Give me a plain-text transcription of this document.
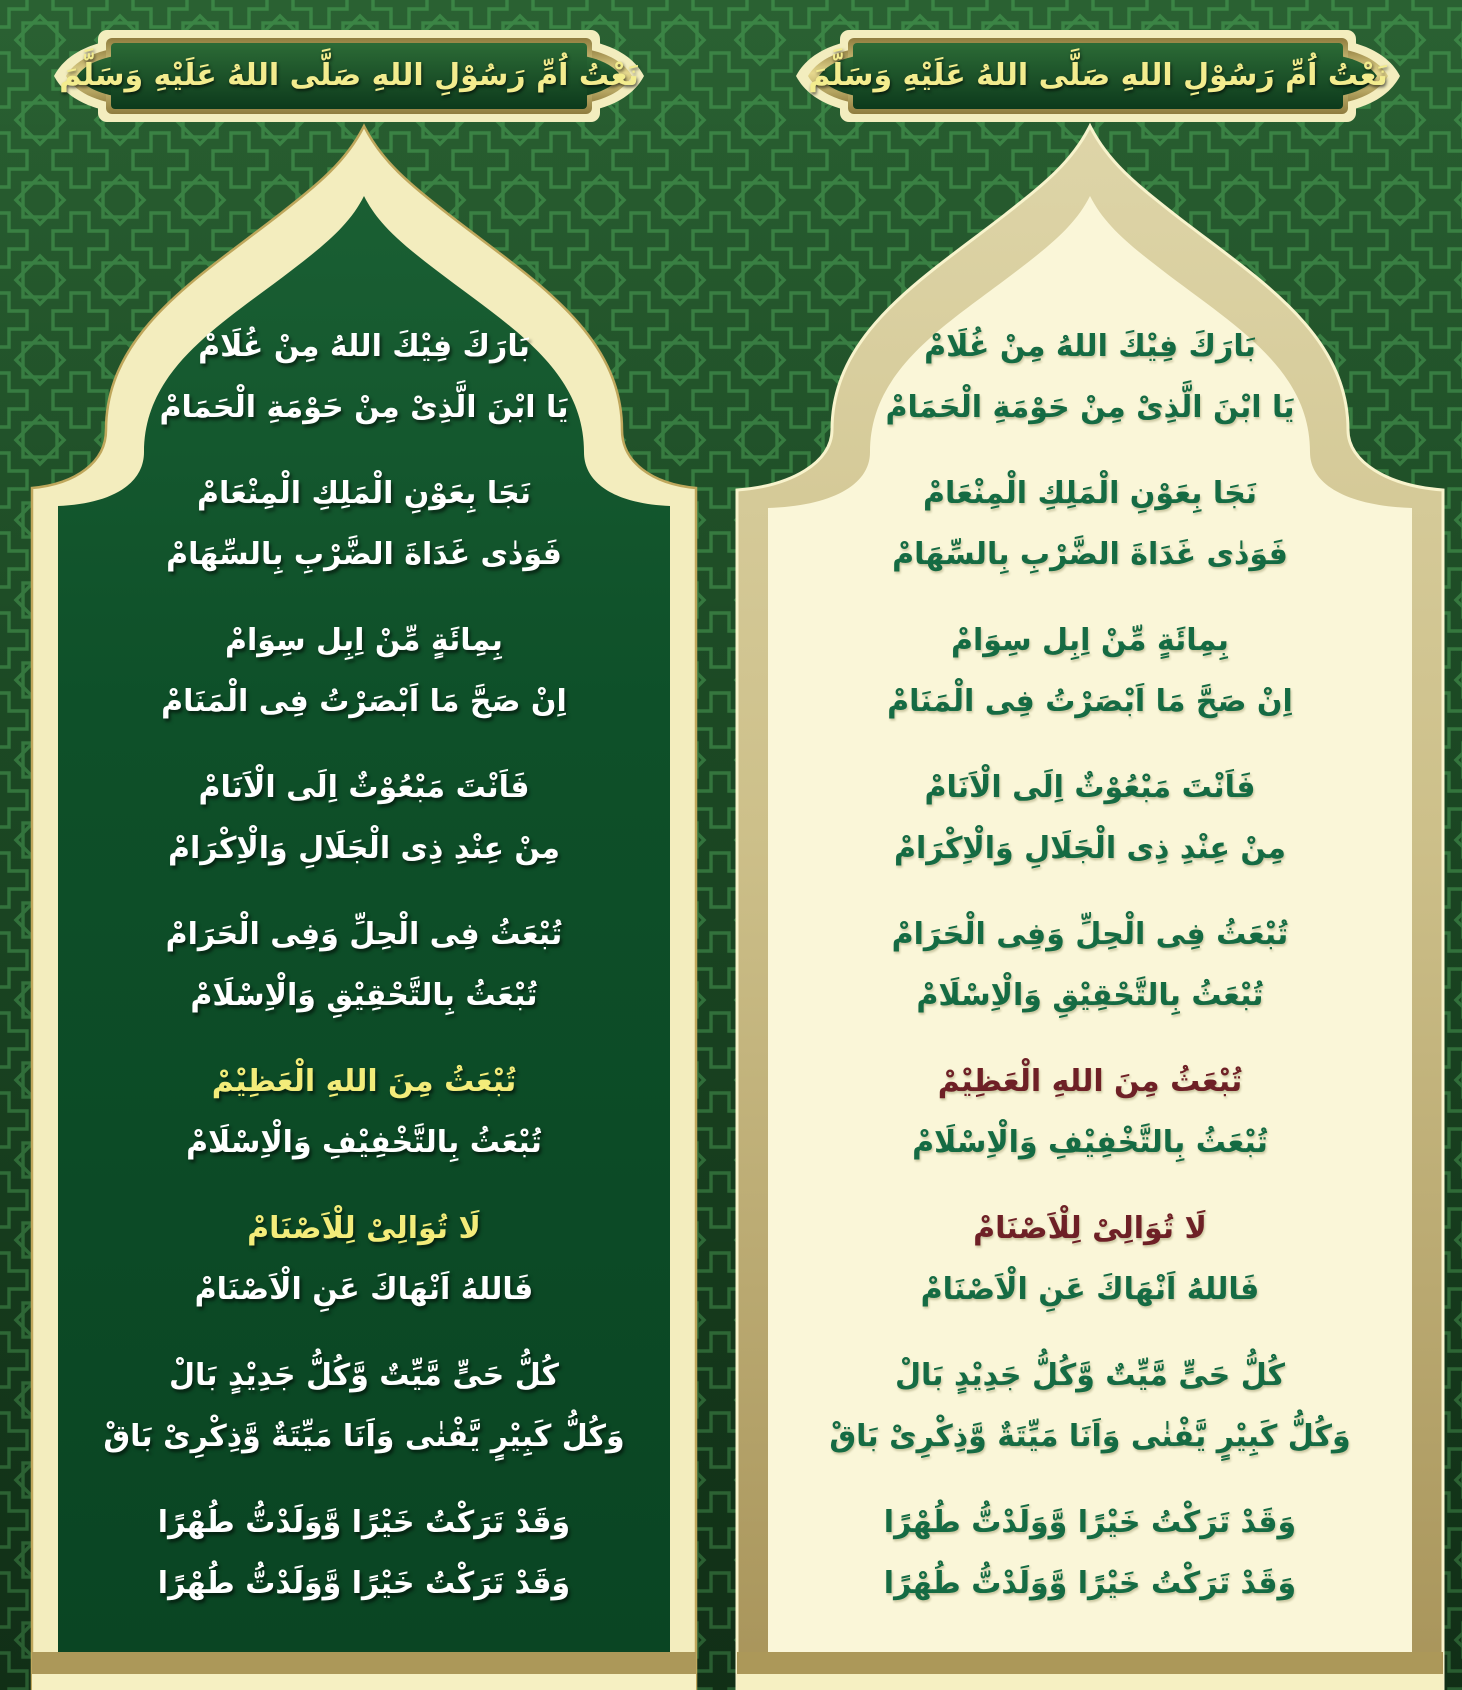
نَعْتُ اُمِّ رَسُوْلِ اللهِ صَلَّى اللهُ عَلَيْهِ وَسَلَّمَ	نَعْتُ اُمِّ رَسُوْلِ اللهِ صَلَّى اللهُ عَلَيْهِ وَسَلَّمَ
بَارَكَ فِيْكَ اللهُ مِنْ غُلَامْ
يَا ابْنَ الَّذِىْ مِنْ حَوْمَةِ الْحَمَامْ
نَجَا بِعَوْنِ الْمَلِكِ الْمِنْعَامْ
فَوَدٰى غَدَاةَ الضَّرْبِ بِالسِّهَامْ
بِمِائَةٍ مِّنْ اِبِل سِوَامْ
اِنْ صَحَّ مَا اَبْصَرْتُ فِى الْمَنَامْ
فَاَنْتَ مَبْعُوْثٌ اِلَى الْاَنَامْ
مِنْ عِنْدِ ذِى الْجَلَالِ وَالْاِكْرَامْ
تُبْعَثُ فِى الْحِلِّ وَفِى الْحَرَامْ
تُبْعَثُ بِالتَّحْقِيْقِ وَالْاِسْلَامْ
تُبْعَثُ مِنَ اللهِ الْعَظِيْمْ
تُبْعَثُ بِالتَّخْفِيْفِ وَالْاِسْلَامْ
لَا تُوَالِىْ لِلْاَصْنَامْ
فَاللهُ اَنْهَاكَ عَنِ الْاَصْنَامْ
كُلُّ حَىٍّ مَّيِّتٌ وَّكُلُّ جَدِيْدٍ بَالْ
وَكُلُّ كَبِيْرٍ يَّفْنٰى وَاَنَا مَيِّتَةٌ وَّذِكْرِىْ بَاقْ
وَقَدْ تَرَكْتُ خَيْرًا وَّوَلَدْتُّ طُهْرًا
وَقَدْ تَرَكْتُ خَيْرًا وَّوَلَدْتُّ طُهْرًا
بَارَكَ فِيْكَ اللهُ مِنْ غُلَامْ
يَا ابْنَ الَّذِىْ مِنْ حَوْمَةِ الْحَمَامْ
نَجَا بِعَوْنِ الْمَلِكِ الْمِنْعَامْ
فَوَدٰى غَدَاةَ الضَّرْبِ بِالسِّهَامْ
بِمِائَةٍ مِّنْ اِبِل سِوَامْ
اِنْ صَحَّ مَا اَبْصَرْتُ فِى الْمَنَامْ
فَاَنْتَ مَبْعُوْثٌ اِلَى الْاَنَامْ
مِنْ عِنْدِ ذِى الْجَلَالِ وَالْاِكْرَامْ
تُبْعَثُ فِى الْحِلِّ وَفِى الْحَرَامْ
تُبْعَثُ بِالتَّحْقِيْقِ وَالْاِسْلَامْ
تُبْعَثُ مِنَ اللهِ الْعَظِيْمْ
تُبْعَثُ بِالتَّخْفِيْفِ وَالْاِسْلَامْ
لَا تُوَالِىْ لِلْاَصْنَامْ
فَاللهُ اَنْهَاكَ عَنِ الْاَصْنَامْ
كُلُّ حَىٍّ مَّيِّتٌ وَّكُلُّ جَدِيْدٍ بَالْ
وَكُلُّ كَبِيْرٍ يَّفْنٰى وَاَنَا مَيِّتَةٌ وَّذِكْرِىْ بَاقْ
وَقَدْ تَرَكْتُ خَيْرًا وَّوَلَدْتُّ طُهْرًا
وَقَدْ تَرَكْتُ خَيْرًا وَّوَلَدْتُّ طُهْرًا
